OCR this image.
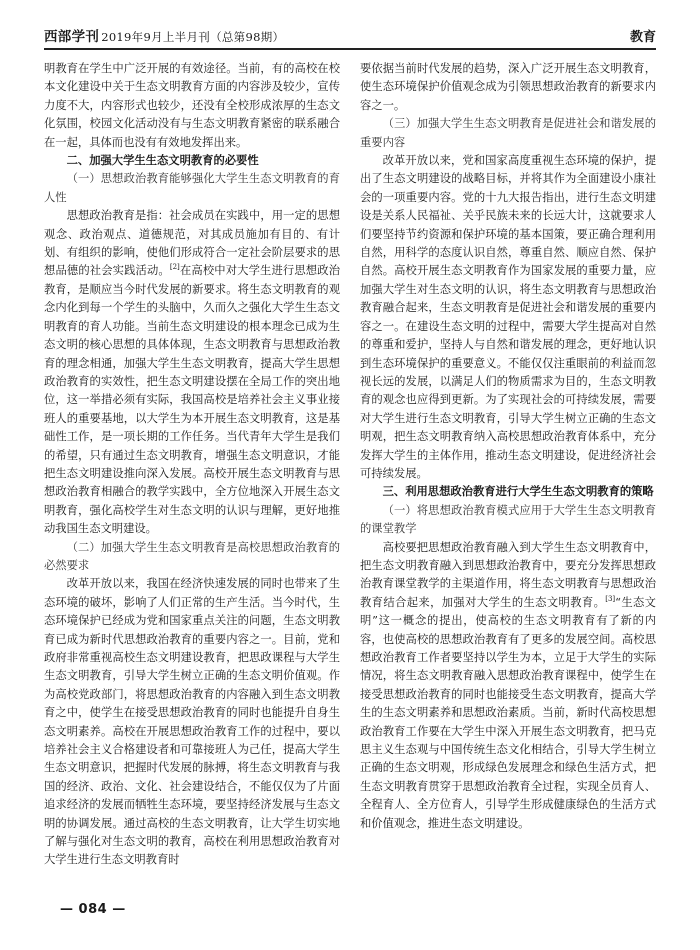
西部学刊 2019年9月上半月刊（总第98期）	教育

明教育在学生中广泛开展的有效途径。当前，有的高校在校本文化建设中关于生态文明教育方面的内容涉及较少，宣传力度不大，内容形式也较少，还没有全校形成浓厚的生态文化氛围，校园文化活动没有与生态文明教育紧密的联系融合在一起，具体而也没有有效地发挥出来。

二、加强大学生生态文明教育的必要性
（一）思想政治教育能够强化大学生生态文明教育的育人性

思想政治教育是指：社会成员在实践中，用一定的思想观念、政治观点、道德规范，对其成员施加有目的、有计划、有组织的影响，使他们形成符合一定社会阶层要求的思想品德的社会实践活动。[2]在高校中对大学生进行思想政治教育，是顺应当今时代发展的新要求。将生态文明教育的观念内化到每一个学生的头脑中，久而久之强化大学生生态文明教育的育人功能。当前生态文明建设的根本理念已成为生态文明的核心思想的具体体现，生态文明教育与思想政治教育的理念相通，加强大学生生态文明教育，提高大学生思想政治教育的实效性，把生态文明建设摆在全局工作的突出地位，这一举措必须有实际，我国高校是培养社会主义事业接班人的重要基地，以大学生为本开展生态文明教育，这是基础性工作，是一项长期的工作任务。当代青年大学生是我们的希望，只有通过生态文明教育，增强生态文明意识，才能把生态文明建设推向深入发展。高校开展生态文明教育与思想政治教育相融合的教学实践中，全方位地深入开展生态文明教育，强化高校学生对生态文明的认识与理解，更好地推动我国生态文明建设。

（二）加强大学生生态文明教育是高校思想政治教育的必然要求

改革开放以来，我国在经济快速发展的同时也带来了生态环境的破坏，影响了人们正常的生产生活。当今时代，生态环境保护已经成为党和国家重点关注的问题，生态文明教育已成为新时代思想政治教育的重要内容之一。目前，党和政府非常重视高校生态文明建设教育，把思政课程与大学生生态文明教育，引导大学生树立正确的生态文明价值观。作为高校党政部门，将思想政治教育的内容融入到生态文明教育之中，使学生在接受思想政治教育的同时也能提升自身生态文明素养。高校在开展思想政治教育工作的过程中，要以培养社会主义合格建设者和可靠接班人为己任，提高大学生生态文明意识，把握时代发展的脉搏，将生态文明教育与我国的经济、政治、文化、社会建设结合，不能仅仅为了片面追求经济的发展而牺牲生态环境，要坚持经济发展与生态文明的协调发展。通过高校的生态文明教育，让大学生切实地了解与强化对生态文明的教育，高校在利用思想政治教育对大学生进行生态文明教育时

要依据当前时代发展的趋势，深入广泛开展生态文明教育，使生态环境保护价值观念成为引领思想政治教育的新要求内容之一。

（三）加强大学生生态文明教育是促进社会和谐发展的重要内容

改革开放以来，党和国家高度重视生态环境的保护，提出了生态文明建设的战略目标，并将其作为全面建设小康社会的一项重要内容。党的十九大报告指出，进行生态文明建设是关系人民福祉、关乎民族未来的长远大计，这就要求人们要坚持节约资源和保护环境的基本国策，要正确合理利用自然，用科学的态度认识自然，尊重自然、顺应自然、保护自然。高校开展生态文明教育作为国家发展的重要力量，应加强大学生对生态文明的认识，将生态文明教育与思想政治教育融合起来，生态文明教育是促进社会和谐发展的重要内容之一。在建设生态文明的过程中，需要大学生提高对自然的尊重和爱护，坚持人与自然和谐发展的理念，更好地认识到生态环境保护的重要意义。不能仅仅注重眼前的利益而忽视长远的发展，以满足人们的物质需求为目的，生态文明教育的观念也应得到更新。为了实现社会的可持续发展，需要对大学生进行生态文明教育，引导大学生树立正确的生态文明观，把生态文明教育纳入高校思想政治教育体系中，充分发挥大学生的主体作用，推动生态文明建设，促进经济社会可持续发展。

三、利用思想政治教育进行大学生生态文明教育的策略
（一）将思想政治教育模式应用于大学生生态文明教育的课堂教学

高校要把思想政治教育融入到大学生生态文明教育中，把生态文明教育融入到思想政治教育中，要充分发挥思想政治教育课堂教学的主渠道作用，将生态文明教育与思想政治教育结合起来，加强对大学生的生态文明教育。[3]“生态文明”这一概念的提出，使高校的生态文明教育有了新的内容，也使高校的思想政治教育有了更多的发展空间。高校思想政治教育工作者要坚持以学生为本，立足于大学生的实际情况，将生态文明教育融入思想政治教育课程中，使学生在接受思想政治教育的同时也能接受生态文明教育，提高大学生的生态文明素养和思想政治素质。当前，新时代高校思想政治教育工作要在大学生中深入开展生态文明教育，把马克思主义生态观与中国传统生态文化相结合，引导大学生树立正确的生态文明观，形成绿色发展理念和绿色生活方式，把生态文明教育贯穿于思想政治教育全过程，实现全员育人、全程育人、全方位育人，引导学生形成健康绿色的生活方式和价值观念，推进生态文明建设。

— 084 —
